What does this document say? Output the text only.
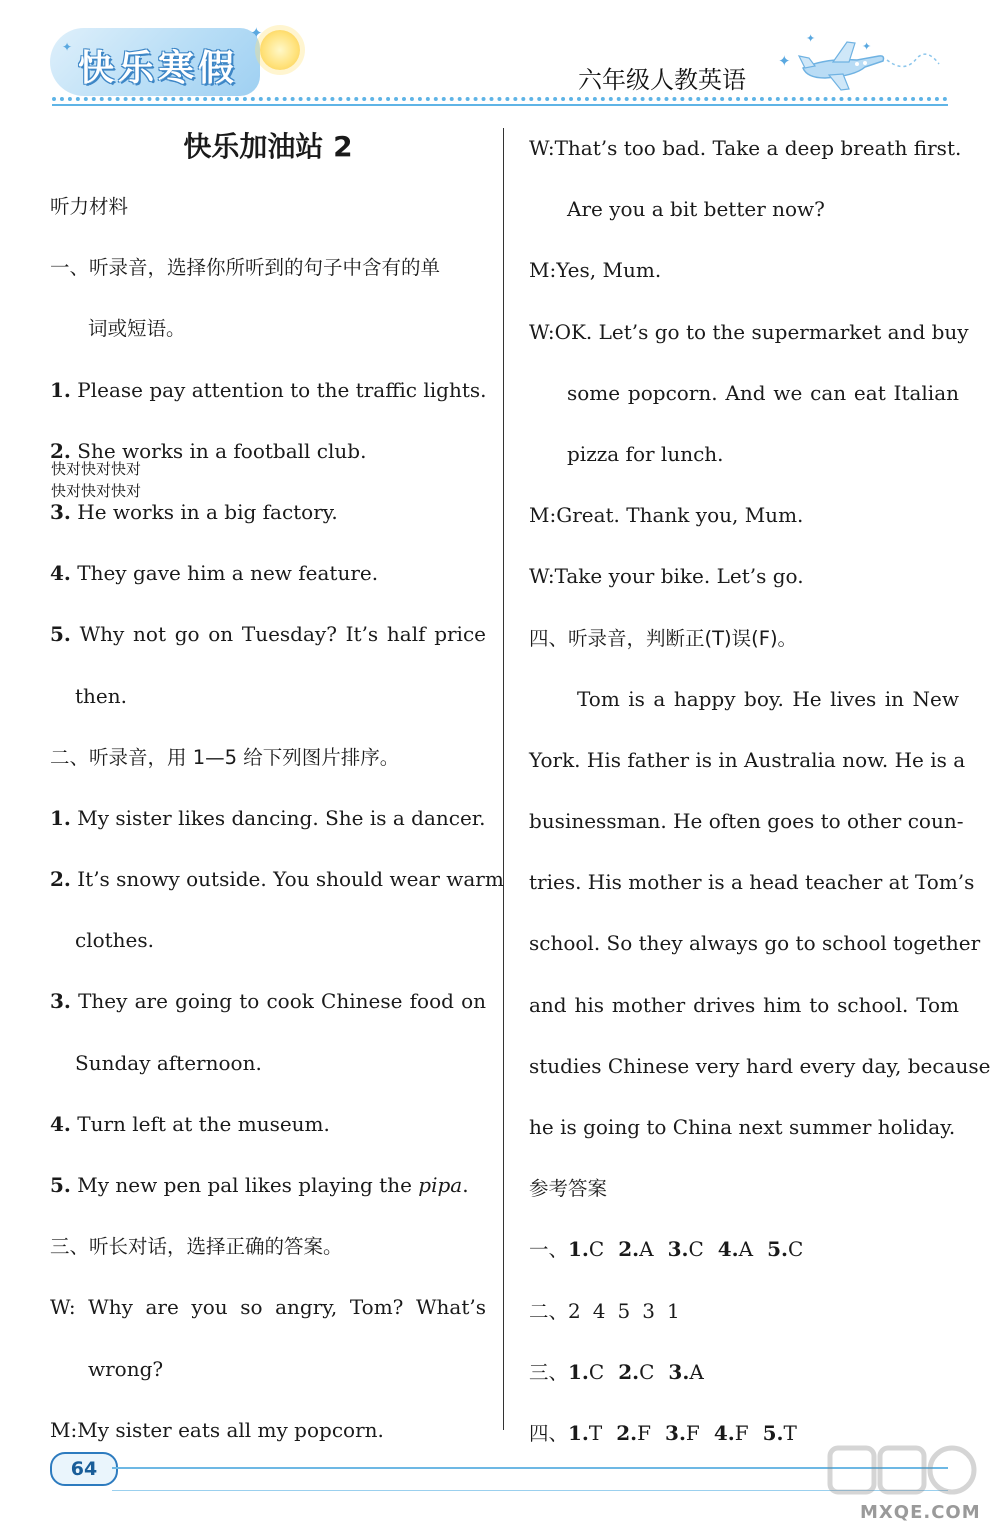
快乐寒假
✦
✦
✦
✦
✦
六年级人教英语
快乐加油站 2
听力材料
一、听录音，选择你所听到的句子中含有的单
词或短语。
1. Please pay attention to the traffic lights.
2. She works in a football club.
3. He works in a big factory.
4. They gave him a new feature.
5. Why not go on Tuesday? It’s half price
then.
二、听录音，用 1—5 给下列图片排序。
1. My sister likes dancing. She is a dancer.
2. It’s snowy outside. You should wear warm
clothes.
3. They are going to cook Chinese food on
Sunday afternoon.
4. Turn left at the museum.
5. My new pen pal likes playing the pipa.
三、听长对话，选择正确的答案。
W: Why are you so angry, Tom? What’s
wrong?
M:My sister eats all my popcorn.
快对快对快对
快对快对快对
W:That’s too bad. Take a deep breath first.
Are you a bit better now?
M:Yes, Mum.
W:OK. Let’s go to the supermarket and buy
some popcorn. And we can eat Italian
pizza for lunch.
M:Great. Thank you, Mum.
W:Take your bike. Let’s go.
四、听录音，判断正(T)误(F)。
Tom is a happy boy. He lives in New
York. His father is in Australia now. He is a
businessman. He often goes to other coun-
tries. His mother is a head teacher at Tom’s
school. So they always go to school together
and his mother drives him to school. Tom
studies Chinese very hard every day, because
he is going to China next summer holiday.
参考答案
一、1.C 2.A 3.C 4.A 5.C
二、2 4 5 3 1
三、1.C 2.C 3.A
四、1.T 2.F 3.F 4.F 5.T
64
MXQE.COM
